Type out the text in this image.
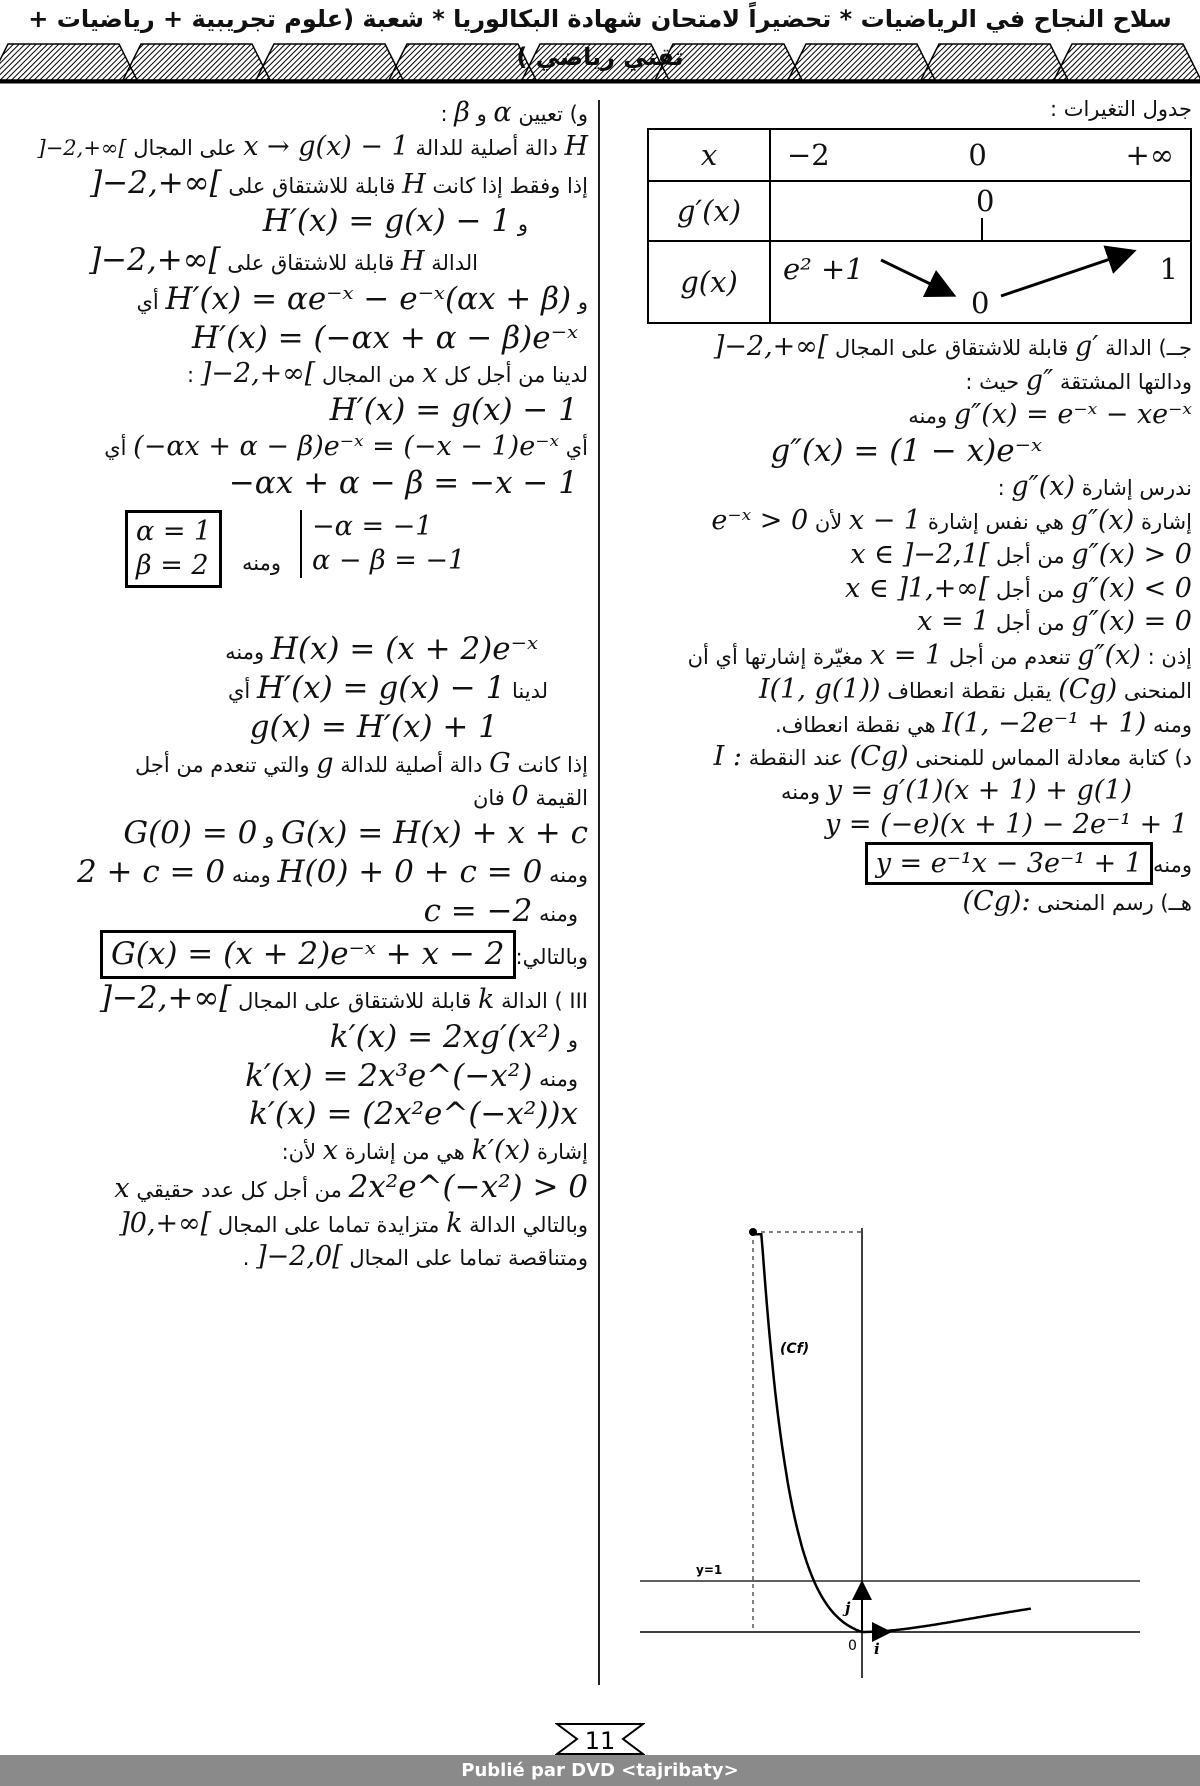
سلاح النجاح في الرياضيات * تحضيراً لامتحان شهادة البكالوريا * شعبة (علوم تجريبية + رياضيات +

جدول التغيرات :

x	−2 0 +∞

g′(x)	0

g(x)	e² +1
0
1

جــ) الدالة g′ قابلة للاشتقاق على المجال ]−2,+∞[

ودالتها المشتقة g″ حيث :

g″(x) = e⁻ˣ − xe⁻ˣ ومنه

g″(x) = (1 − x)e⁻ˣ

ندرس إشارة g″(x) :

إشارة g″(x) هي نفس إشارة x − 1 لأن e⁻ˣ > 0

g″(x) > 0 من أجل x ∈ ]−2,1[

g″(x) < 0 من أجل x ∈ ]1,+∞[

g″(x) = 0 من أجل x = 1

إذن : g″(x) تنعدم من أجل x = 1 مغيّرة إشارتها أي أن

المنحنى (Cg) يقبل نقطة انعطاف I(1, g(1))

ومنه I(1, −2e⁻¹ + 1) هي نقطة انعطاف.

د) كتابة معادلة المماس للمنحنى (Cg) عند النقطة I :

y = g′(1)(x + 1) + g(1) ومنه

y = (−e)(x + 1) − 2e⁻¹ + 1

ومنهy = e⁻¹x − 3e⁻¹ + 1

هــ) رسم المنحنى (Cg):

(Cf)
y=1
0 i
j

و) تعيين α و β :

H دالة أصلية للدالة x → g(x) − 1 على المجال ]−2,+∞[

إذا وفقط إذا كانت H قابلة للاشتقاق على ]−2,+∞[

و H′(x) = g(x) − 1

الدالة H قابلة للاشتقاق على ]−2,+∞[

و H′(x) = αe⁻ˣ − e⁻ˣ(αx + β) أي

H′(x) = (−αx + α − β)e⁻ˣ

لدينا من أجل كل x من المجال ]−2,+∞[ :

H′(x) = g(x) − 1

أي (−αx + α − β)e⁻ˣ = (−x − 1)e⁻ˣ أي

−αx + α − β = −x − 1

α = 1
β = 2	ومنه
−α = −1
α − β = −1

H(x) = (x + 2)e⁻ˣ ومنه

لدينا H′(x) = g(x) − 1 أي

g(x) = H′(x) + 1

إذا كانت G دالة أصلية للدالة g والتي تنعدم من أجل

القيمة 0 فان

G(x) = H(x) + x + c و G(0) = 0

ومنه H(0) + 0 + c = 0 ومنه 2 + c = 0

ومنه c = −2

وبالتالي:G(x) = (x + 2)e⁻ˣ + x − 2

III ) الدالة k قابلة للاشتقاق على المجال ]−2,+∞[

و k′(x) = 2xg′(x²)

ومنه k′(x) = 2x³e^(−x²)

k′(x) = (2x²e^(−x²))x

إشارة k′(x) هي من إشارة x لأن:

2x²e^(−x²) > 0 من أجل كل عدد حقيقي x

وبالتالي الدالة k متزايدة تماما على المجال ]0,+∞[

ومتناقصة تماما على المجال ]−2,0[ .

11
Publié par DVD <tajribaty>
